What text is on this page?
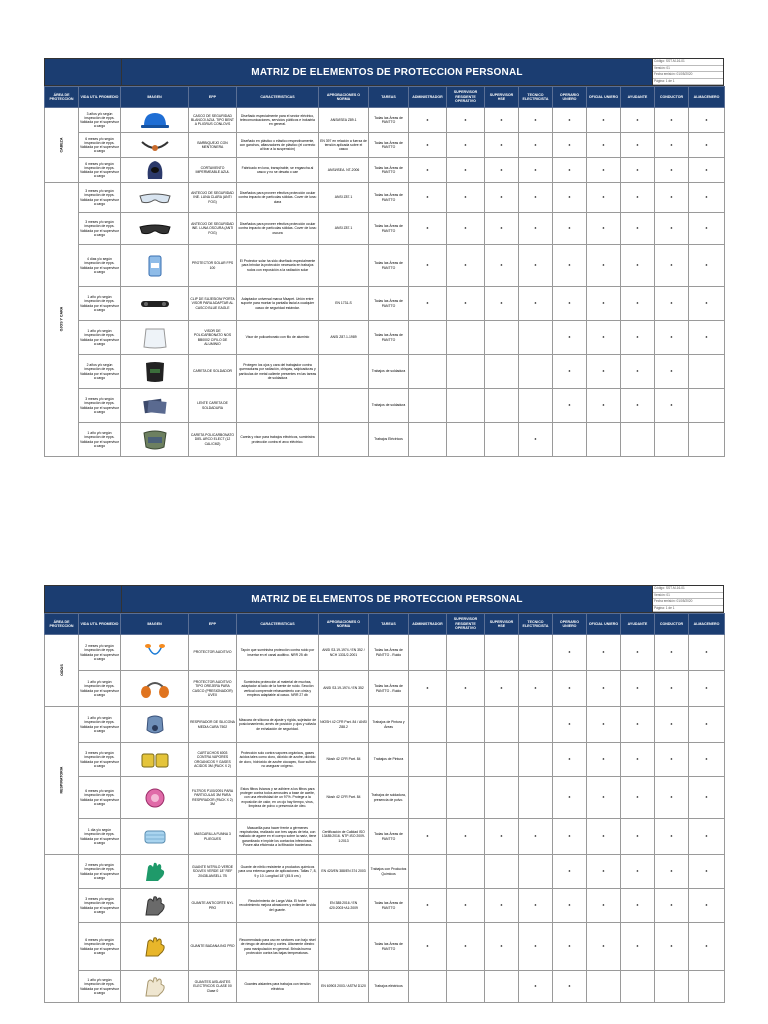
MATRIZ DE ELEMENTOS DE PROTECCION PERSONAL
Código: SST-M-16-01
Versión: 01
Fecha emisión: 01/05/2020
Página: 1 de 1
ÁREA DE PROTECCION	VIDA UTIL PROMEDIO	IMAGEN	EPP	CARACTERISTICAS	APROBACIONES O NORMA	TAREAS	ADMINISTRADOR	SUPERVISOR RESIDENTE OPERATIVO	SUPERVISOR HSE	TECNICO ELECTRICISTA	OPERARIO UNIERO	OFICIAL UNIERO	AYUDANTE	CONDUCTOR	ALMACENERO
CABEZA	3 años y/o según inspección de epps. Validada por el supervisor a cargo		CASCO DE SEGURIDAD BLANCO/ AZUL TIPO BENT A PLIGRUS CONLOVS	Diseñado especialmente para el sector eléctrico, telecomunicaciones, servicios públicos e industria en general.	ANSI/ISEA Z89.1	Todas las Áreas de PANTTO	x	x	x	x	x	x	x	x	x
	6 meses y/o según inspección de epps. Validada por el supervisor a cargo		BARBIQUEJO CON MENTONERA	Diseñado en plástico o elástico respectivamente, con ganchos, afianzadores de plástico (el correcto al tirar a la suspensión)	EN 397 en relación a fuerza de tensión aplicada sobre el casco	Todas las Áreas de PANTTO	x	x	x	x	x	x	x	x	x
	6 meses y/o según inspección de epps. Validada por el supervisor a cargo		CORTAVIENTO IMPERMEABLE AZUL	Fabricado en lona, transpirable, se engancha al casco y no se desata o cae	ANSI/ISEA. NT-2006	Todas las Áreas de PANTTO	x	x	x	x	x	x	x	x	x
OJOS Y CARA	3 meses y/o según inspección de epps. Validada por el supervisor a cargo		ANTEOJO DE SEGURIDAD INE. LUNA CLARA (ANTI FOG)	Diseñados para proveer efectiva protección ocular contra impacto de partículas sólidas. Cover de luna: clara	ANSI Z87.1	Todas las Áreas de PANTTO	x	x	x	x	x	x	x	x	x
	3 meses y/o según inspección de epps. Validada por el supervisor a cargo		ANTEOJO DE SEGURIDAD INE. LUNA OSCURA (ANTI FOG)	Diseñados para proveer efectiva protección ocular contra impacto de partículas sólidas. Cover de luna: oscura	ANSI Z87.1	Todas las Áreas de PANTTO	x	x	x	x	x	x	x	x	x
	4 días y/o según inspección de epps. Validada por el supervisor a cargo		PROTECTOR SOLAR FPS 100	El Protector solar ha sido diseñado especialmente para brindar la protección necesaria en trabajos rudos con exposición a la radiación solar		Todas las Áreas de PANTTO	x	x	x	x	x	x	x	x	x
	1 año y/o según inspección de epps. Validada por el supervisor a cargo		CLIP DE SUJESION/ PORTA VISOR PARA ADAPTAR AL CASCO BLUE EAGLE	Adaptador universal marca Msapet. Unión entre suporte para montar la pantalla facial a cualquier casco de seguridad estándar.	EN 1731-S	Todas las Áreas de PANTTO	x	x	x	x	x	x	x	x	x
	1 año y/o según inspección de epps. Validada por el supervisor a cargo		VISOR DE POLICARBONATO NOS BB0002 C/FILO DE ALUMINIO	Visor de policarbonato con filo de aluminio	ANSI Z87.1-1989	Todas las Áreas de PANTTO					x	x	x	x	x
	2 años y/o según inspección de epps. Validada por el supervisor a cargo		CARETA DE SOLDADOR	Protegen los ojos y cara del trabajador contra quemaduras por radiación, chispas, salpicaduras y partículas de metal caliente presentes en las tareas de soldadura		Trabajos de soldadura					x	x	x	x	
	3 meses y/o según inspección de epps. Validada por el supervisor a cargo		LENTE CARETA DE SOLDADURA			Trabajos de soldadura					x	x	x	x	
	1 año y/o según inspección de epps. Validada por el supervisor a cargo		CARETA POLICARBONATO DIEL ARCO ELECT (12 CAL/CM2)	Careta y visor para trabajos eléctricos, suministra protección contra el arco eléctrico.		Trabajos Eléctricos				x					
MATRIZ DE ELEMENTOS DE PROTECCION PERSONAL
Código: SST-M-16-01
Versión: 01
Fecha emisión: 01/05/2020
Página: 1 de 1
ÁREA DE PROTECCION	VIDA UTIL PROMEDIO	IMAGEN	EPP	CARACTERISTICAS	APROBACIONES O NORMA	TAREAS	ADMINISTRADOR	SUPERVISOR RESIDENTE OPERATIVO	SUPERVISOR HSE	TECNICO ELECTRICISTA	OPERARIO UNIERO	OFICIAL UNIERO	AYUDANTE	CONDUCTOR	ALMACENERO
OIDOS	2 meses y/o según inspección de epps. Validada por el supervisor a cargo		PROTECTOR AUDITIVO	Tapón que suministra protección contra ruido por insertar en el canal auditivo. NRR 25 db	ANSI S3.19-1974 / EN 352 / NCH 1331/2-2001	Todas las Áreas de PANTTO - Ruido					x	x	x	x	x
	1 año y/o según inspección de epps. Validada por el supervisor a cargo		PROTECTOR AUDITIVO TIPO OREJERA PARA CASCO (PRESIONADOR) UVEX	Suministra protección al material de muchas, adaptador al lado de la fuente de ruido. Sección vertical comprende rebasamiento con cinta y empleos adaptable al casco. NRR 27 db	ANSI S3.19-1974 / EN 352	Todas las Áreas de PANTTO - Ruido	x	x	x	x	x	x	x	x	x
RESPIRATORIA	1 año y/o según inspección de epps. Validada por el supervisor a cargo		RESPIRADOR DE SILICONA MEDIA CARA 7502	Máscara de silicona de ajuste y rígida, sujetador de posicionamiento, arnés de posición y ojos y válvula de exhalación de seguridad.	NIOSH 42 CFR Part. 84 / ANSI Z88.2	Trabajos de Pintura y Áreas					x	x	x	x	x
	3 meses y/o según inspección de epps. Validada por el supervisor a cargo		CARTUCHOS 6003 CONTRA VAPORES ORGANICOS Y GASES ACIDOS 3M (PACK X 2)	Protección solo contra vapores orgánicos, gases ácidos tales como cloro, dióxido de azufre, dióxido de cloro, hidróxido de azufre ciocapec, fluor sulfuro no asegurar oxígeno.	Niosh 42 CFR Part. 84	Trabajos de Pintura					x	x	x	x	x
	6 meses y/o según inspección de epps. Validada por el supervisor a cargo		FILTROS P100/2091 PARA PARTICULAS 3M PARA RESPIRADOR (PACK X 2) 3M	Estos filtros livianos y se adhiere a los filtros para proteger contra todos aerosoles a base de aceite, con una efectividad de un 97%. Protege a la exposición de calor, en un ojo hay tiempo, virus, limpieza de polvo o presencia de óleo.	Niosh 42 CFR Part. 84	Trabajos de soldadura, presencia de polvo.					x	x	x	x	x
	1 día y/o según inspección de epps. Validada por el supervisor a cargo		MASCARILLA FUNNA 3 PLIEGUES	Mascarilla para hacer frente a gérmenes respiratorias, realizado con tres capas de tela, con mallado de agarre en el cuerpo sobre la nariz, tiene garantizado e impide los contactos infecciosos. Posee alta eficiencia a la filtración bacteriana.	Certificación de Calidad ISO 13485:2016. NTP-ISO 2009-1:2013	Todas las Áreas de PANTTO	x	x	x	x	x	x	x	x	x
	2 meses y/o según inspección de epps. Validada por el supervisor a cargo		GUANTE NITRILO VERDE SOLVEX VERDE 18" REF 20438-ANSELL 7B	Guante de nitrilo resistente a productos químicos para una extensa gama de aplicaciones. Tallas 7, 8, 9 y 10. Longitud 18" (45.5 cm.)	EN 420/EN 388/EN 374 2003	Trabajos con Productos Químicos					x	x	x	x	x
	3 meses y/o según inspección de epps. Validada por el supervisor a cargo		GUANTE ANTICORTE NYL PRO	Recubrimiento de Larga Vida. El fuerte recubrimiento mejora abrasiones y extiende la vida del guante.	EN 388:2016 / EN 420:2003+A1:2009	Todas las Áreas de PANTTO	x	x	x	x	x	x	x	x	x
	6 meses y/o según inspección de epps. Validada por el supervisor a cargo		GUANTE BADANA ING PRO	Recomendado para uso en sectores con bajo nivel de riesgo de abrasión y cortes. Altamente diestro para manipulación en general. Brinda buena protección contra las bajas temperaturas.		Todas las Áreas de PANTTO	x	x	x	x	x	x	x	x	x
	1 año y/o según inspección de epps. Validada por el supervisor a cargo		GUANTES AISLANTES ELECTRICOS CLASE 00 Clase 0	Guantes aislantes para trabajos con tensión eléctrica	EN 60903 2003 / ASTM D120	Trabajos eléctricos				x	x				
